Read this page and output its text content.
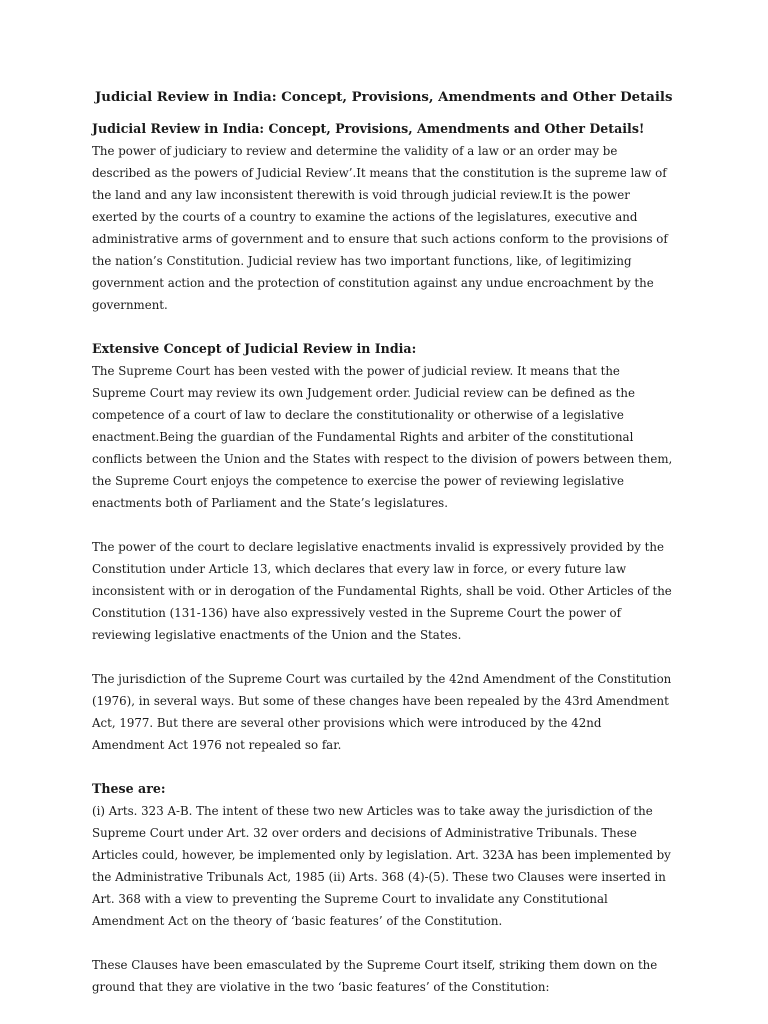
Judicial Review in India: Concept, Provisions, Amendments and Other Details
Judicial Review in India: Concept, Provisions, Amendments and Other Details!

The power of judiciary to review and determine the validity of a law or an order may be described as the powers of Judicial Review’.It means that the constitution is the supreme law of the land and any law inconsistent therewith is void through judicial review.It is the power exerted by the courts of a country to examine the actions of the legislatures, executive and administrative arms of government and to ensure that such actions conform to the provisions of the nation’s Constitution. Judicial review has two important functions, like, of legitimizing government action and the protection of constitution against any undue encroachment by the government.

Extensive Concept of Judicial Review in India:

The Supreme Court has been vested with the power of judicial review. It means that the Supreme Court may review its own Judgement order. Judicial review can be defined as the competence of a court of law to declare the constitutionality or otherwise of a legislative enactment.Being the guardian of the Fundamental Rights and arbiter of the constitutional conflicts between the Union and the States with respect to the division of powers between them, the Supreme Court enjoys the competence to exercise the power of reviewing legislative enactments both of Parliament and the State’s legislatures.

The power of the court to declare legislative enactments invalid is expressively provided by the Constitution under Article 13, which declares that every law in force, or every future law inconsistent with or in derogation of the Fundamental Rights, shall be void. Other Articles of the Constitution (131-136) have also expressively vested in the Supreme Court the power of reviewing legislative enactments of the Union and the States.

The jurisdiction of the Supreme Court was curtailed by the 42nd Amendment of the Constitution (1976), in several ways. But some of these changes have been repealed by the 43rd Amendment Act, 1977. But there are several other provisions which were introduced by the 42nd Amendment Act 1976 not repealed so far.

These are:

(i) Arts. 323 A-B. The intent of these two new Articles was to take away the jurisdiction of the Supreme Court under Art. 32 over orders and decisions of Administrative Tribunals. These Articles could, however, be implemented only by legislation. Art. 323A has been implemented by the Administrative Tribunals Act, 1985 (ii) Arts. 368 (4)-(5). These two Clauses were inserted in Art. 368 with a view to preventing the Supreme Court to invalidate any Constitutional Amendment Act on the theory of ‘basic features’ of the Constitution.

These Clauses have been emasculated by the Supreme Court itself, striking them down on the ground that they are violative in the two ‘basic features’ of the Constitution:
